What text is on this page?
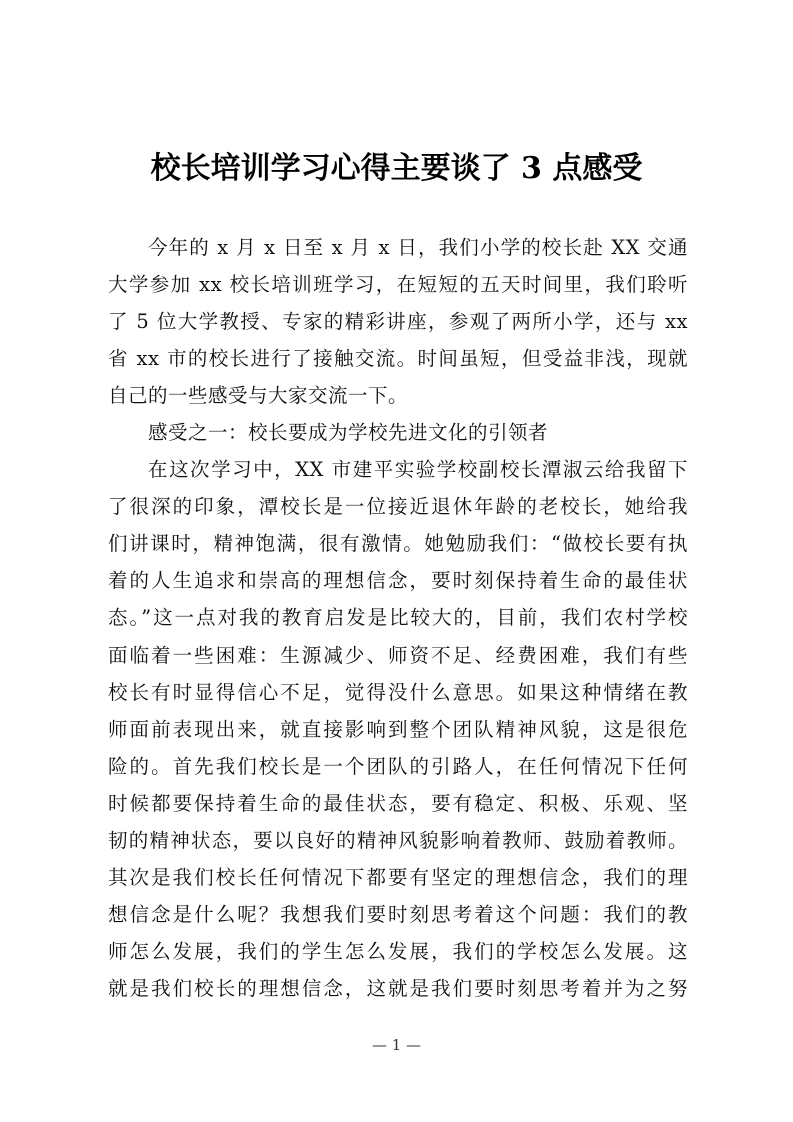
校长培训学习心得主要谈了 3 点感受
今年的 x 月 x 日至 x 月 x 日，我们小学的校长赴 XX 交通
大学参加 xx 校长培训班学习，在短短的五天时间里，我们聆听
了 5 位大学教授、专家的精彩讲座，参观了两所小学，还与 xx
省 xx 市的校长进行了接触交流。时间虽短，但受益非浅，现就
自己的一些感受与大家交流一下。
感受之一：校长要成为学校先进文化的引领者
在这次学习中，XX 市建平实验学校副校长潭淑云给我留下
了很深的印象，潭校长是一位接近退休年龄的老校长，她给我
们讲课时，精神饱满，很有激情。她勉励我们：“做校长要有执
着的人生追求和崇高的理想信念，要时刻保持着生命的最佳状
态。”这一点对我的教育启发是比较大的，目前，我们农村学校
面临着一些困难：生源减少、师资不足、经费困难，我们有些
校长有时显得信心不足，觉得没什么意思。如果这种情绪在教
师面前表现出来，就直接影响到整个团队精神风貌，这是很危
险的。首先我们校长是一个团队的引路人，在任何情况下任何
时候都要保持着生命的最佳状态，要有稳定、积极、乐观、坚
韧的精神状态，要以良好的精神风貌影响着教师、鼓励着教师。
其次是我们校长任何情况下都要有坚定的理想信念，我们的理
想信念是什么呢？我想我们要时刻思考着这个问题：我们的教
师怎么发展，我们的学生怎么发展，我们的学校怎么发展。这
就是我们校长的理想信念，这就是我们要时刻思考着并为之努
— 1 —
